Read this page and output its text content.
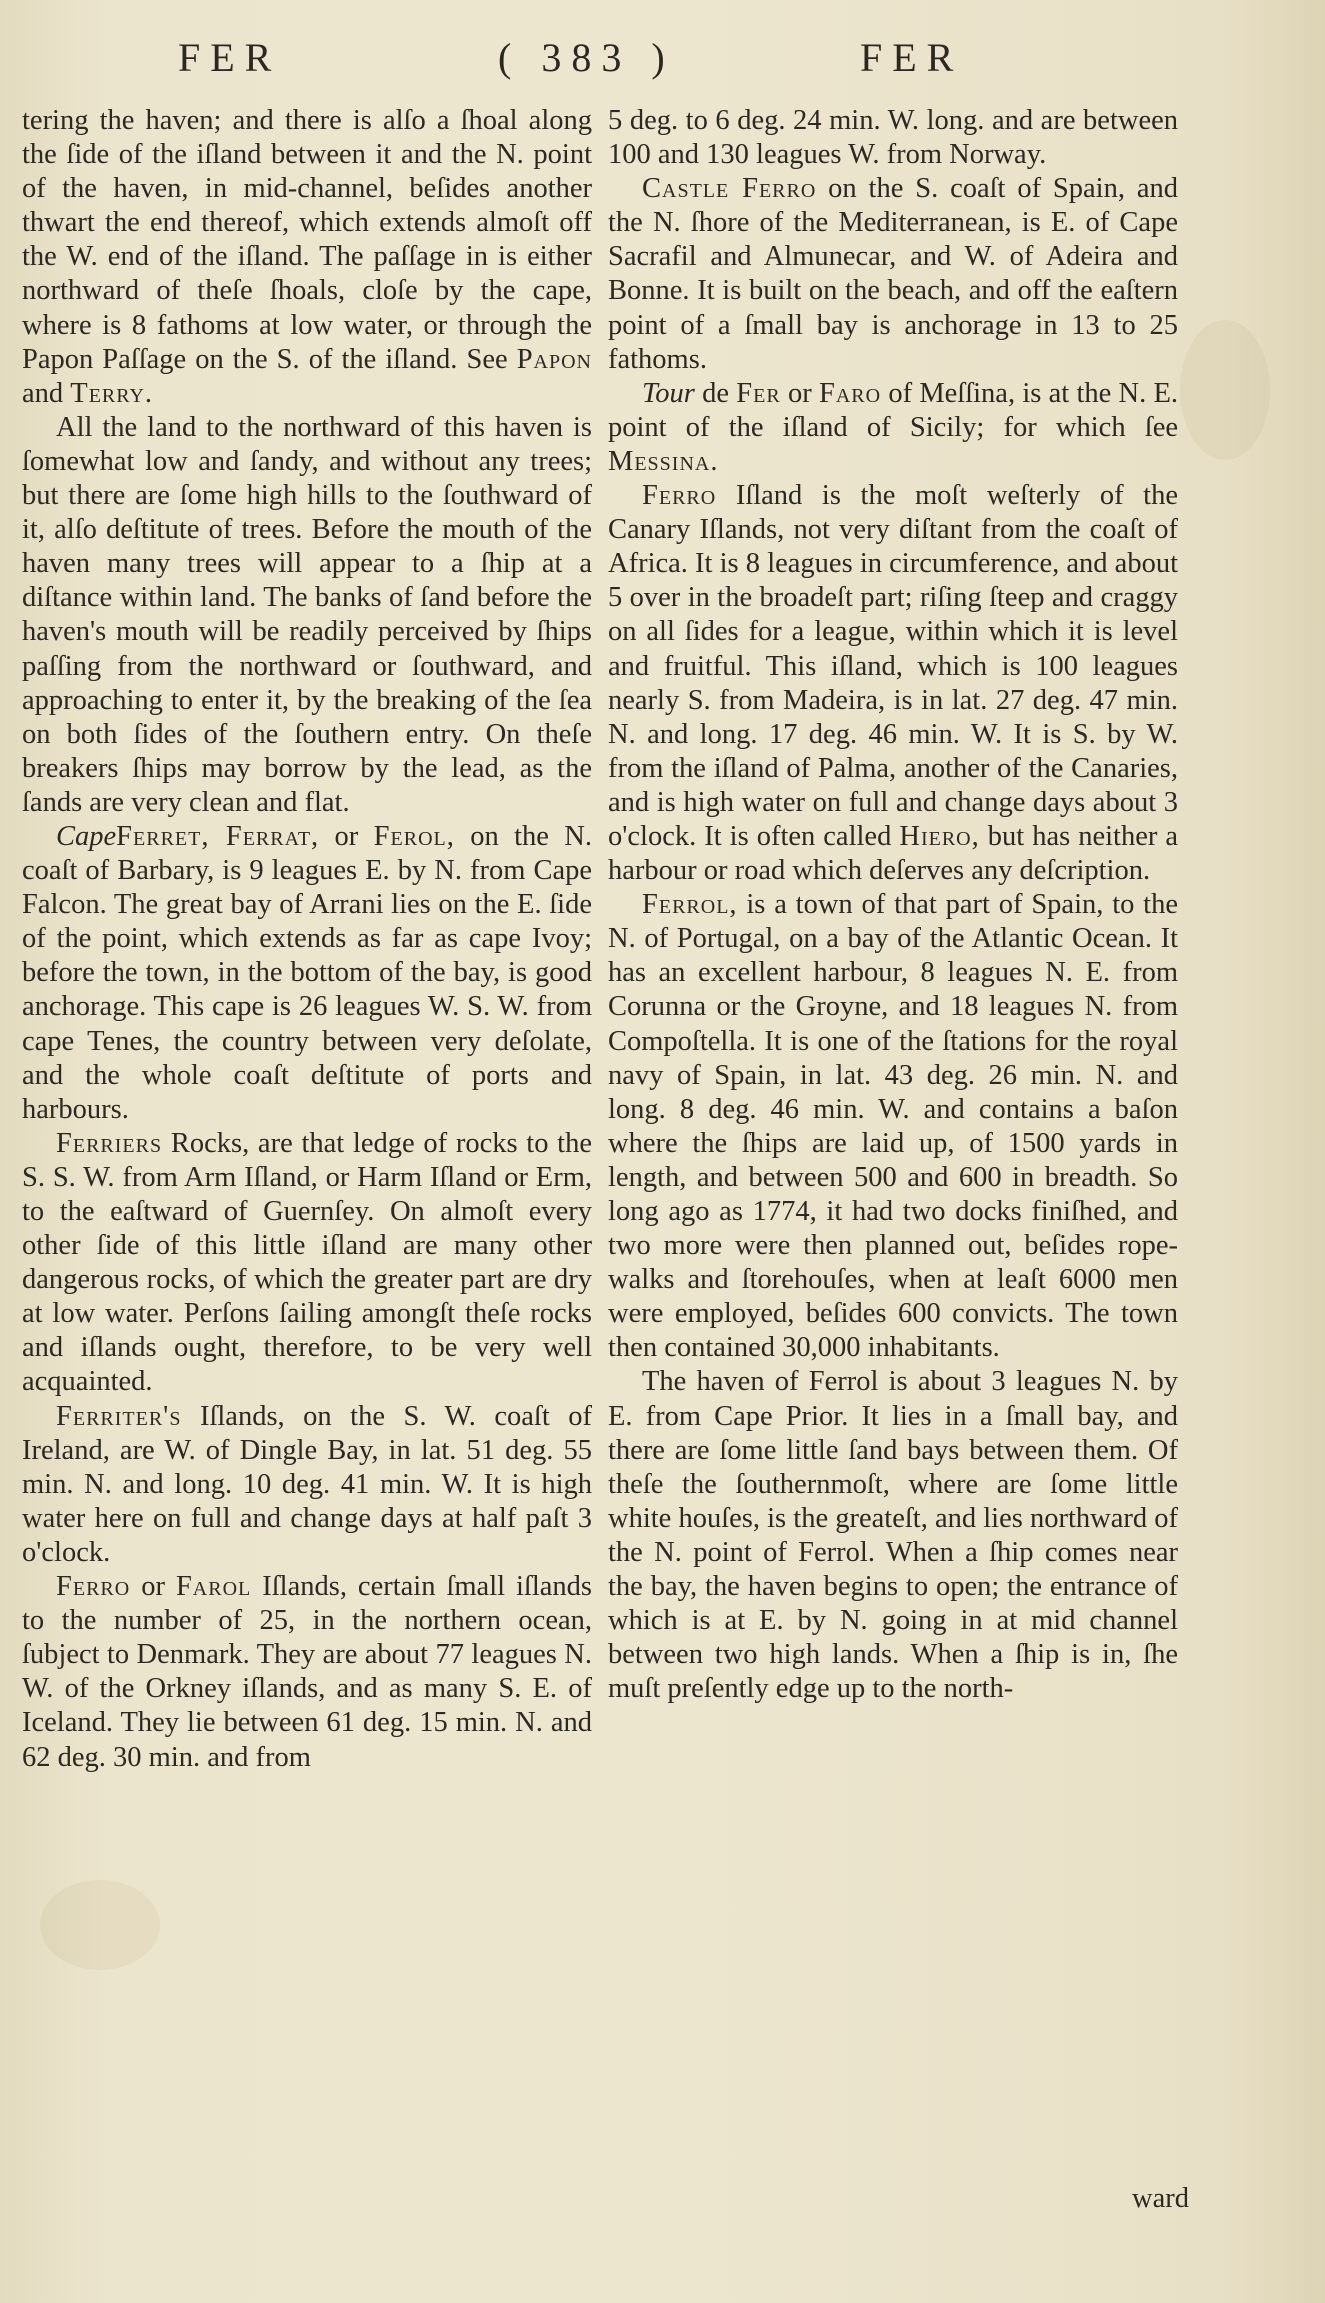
FER	( 383 )	FER

tering the haven; and there is alſo a ſhoal along the ſide of the iſland between it and the N. point of the haven, in mid-channel, beſides another thwart the end thereof, which extends almoſt off the W. end of the iſland. The paſſage in is either northward of theſe ſhoals, cloſe by the cape, where is 8 fathoms at low water, or through the Papon Paſſage on the S. of the iſland. See Papon and Terry.

All the land to the northward of this haven is ſomewhat low and ſandy, and without any trees; but there are ſome high hills to the ſouthward of it, alſo deſtitute of trees. Before the mouth of the haven many trees will appear to a ſhip at a diſtance within land. The banks of ſand before the haven's mouth will be readily perceived by ſhips paſſing from the northward or ſouthward, and approaching to enter it, by the breaking of the ſea on both ſides of the ſouthern entry. On theſe breakers ſhips may borrow by the lead, as the ſands are very clean and flat.

CapeFerret, Ferrat, or Ferol, on the N. coaſt of Barbary, is 9 leagues E. by N. from Cape Falcon. The great bay of Arrani lies on the E. ſide of the point, which extends as far as cape Ivoy; before the town, in the bottom of the bay, is good anchorage. This cape is 26 leagues W. S. W. from cape Tenes, the country between very deſolate, and the whole coaſt deſtitute of ports and harbours.

Ferriers Rocks, are that ledge of rocks to the S. S. W. from Arm Iſland, or Harm Iſland or Erm, to the eaſtward of Guernſey. On almoſt every other ſide of this little iſland are many other dangerous rocks, of which the greater part are dry at low water. Perſons ſailing amongſt theſe rocks and iſlands ought, therefore, to be very well acquainted.

Ferriter's Iſlands, on the S. W. coaſt of Ireland, are W. of Dingle Bay, in lat. 51 deg. 55 min. N. and long. 10 deg. 41 min. W. It is high water here on full and change days at half paſt 3 o'clock.

Ferro or Farol Iſlands, certain ſmall iſlands to the number of 25, in the northern ocean, ſubject to Denmark. They are about 77 leagues N. W. of the Orkney iſlands, and as many S. E. of Iceland. They lie between 61 deg. 15 min. N. and 62 deg. 30 min. and from

5 deg. to 6 deg. 24 min. W. long. and are between 100 and 130 leagues W. from Norway.

Castle Ferro on the S. coaſt of Spain, and the N. ſhore of the Mediterranean, is E. of Cape Sacrafil and Almunecar, and W. of Adeira and Bonne. It is built on the beach, and off the eaſtern point of a ſmall bay is anchorage in 13 to 25 fathoms.

Tour de Fer or Faro of Meſſina, is at the N. E. point of the iſland of Sicily; for which ſee Messina.

Ferro Iſland is the moſt weſterly of the Canary Iſlands, not very diſtant from the coaſt of Africa. It is 8 leagues in circumference, and about 5 over in the broadeſt part; riſing ſteep and craggy on all ſides for a league, within which it is level and fruitful. This iſland, which is 100 leagues nearly S. from Madeira, is in lat. 27 deg. 47 min. N. and long. 17 deg. 46 min. W. It is S. by W. from the iſland of Palma, another of the Canaries, and is high water on full and change days about 3 o'clock. It is often called Hiero, but has neither a harbour or road which deſerves any deſcription.

Ferrol, is a town of that part of Spain, to the N. of Portugal, on a bay of the Atlantic Ocean. It has an excellent harbour, 8 leagues N. E. from Corunna or the Groyne, and 18 leagues N. from Compoſtella. It is one of the ſtations for the royal navy of Spain, in lat. 43 deg. 26 min. N. and long. 8 deg. 46 min. W. and contains a baſon where the ſhips are laid up, of 1500 yards in length, and between 500 and 600 in breadth. So long ago as 1774, it had two docks finiſhed, and two more were then planned out, beſides rope-walks and ſtorehouſes, when at leaſt 6000 men were employed, beſides 600 convicts. The town then contained 30,000 inhabitants.

The haven of Ferrol is about 3 leagues N. by E. from Cape Prior. It lies in a ſmall bay, and there are ſome little ſand bays between them. Of theſe the ſouthernmoſt, where are ſome little white houſes, is the greateſt, and lies northward of the N. point of Ferrol. When a ſhip comes near the bay, the haven begins to open; the entrance of which is at E. by N. going in at mid channel between two high lands. When a ſhip is in, ſhe muſt preſently edge up to the north-

ward
